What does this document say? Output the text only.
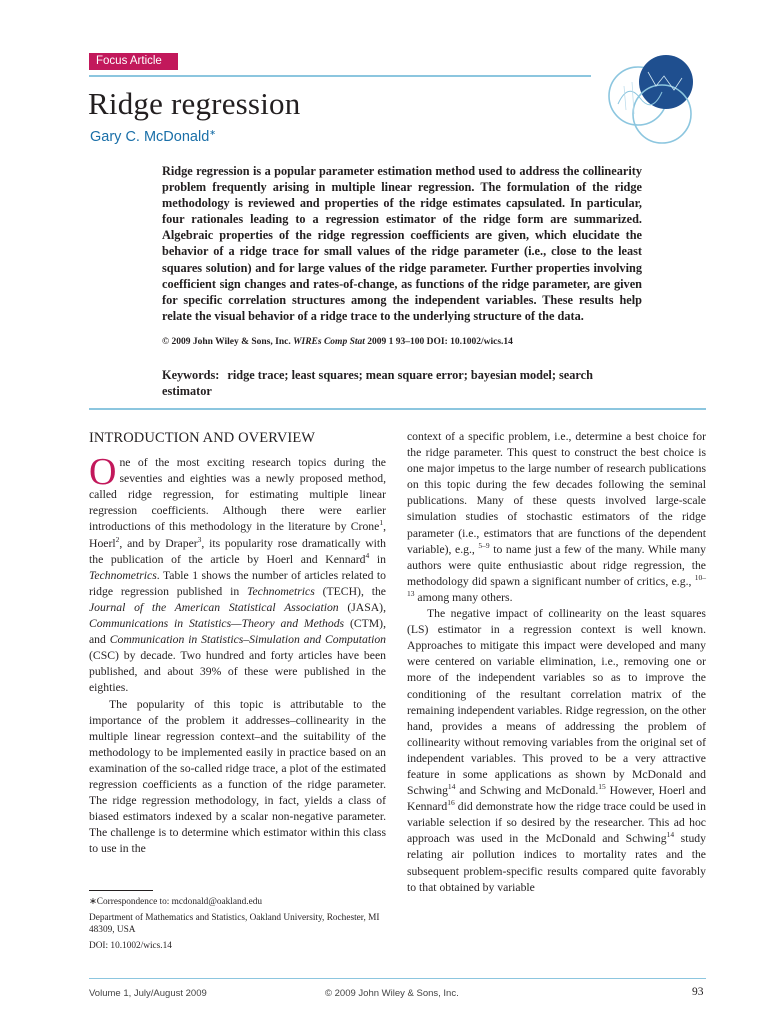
Focus Article
Ridge regression
Gary C. McDonald∗

Ridge regression is a popular parameter estimation method used to address the collinearity problem frequently arising in multiple linear regression. The formulation of the ridge methodology is reviewed and properties of the ridge estimates capsulated. In particular, four rationales leading to a regression estimator of the ridge form are summarized. Algebraic properties of the ridge regression coefficients are given, which elucidate the behavior of a ridge trace for small values of the ridge parameter (i.e., close to the least squares solution) and for large values of the ridge parameter. Further properties involving coefficient sign changes and rates-of-change, as functions of the ridge parameter, are given for specific correlation structures among the independent variables. These results help relate the visual behavior of a ridge trace to the underlying structure of the data.

© 2009 John Wiley & Sons, Inc. WIREs Comp Stat 2009 1 93–100 DOI: 10.1002/wics.14
Keywords: ridge trace; least squares; mean square error; bayesian model; search estimator
INTRODUCTION AND OVERVIEW

One of the most exciting research topics during the seventies and eighties was a newly proposed method, called ridge regression, for estimating multiple linear regression coefficients. Although there were earlier introductions of this methodology in the literature by Crone$^1$, Hoerl$^2$, and by Draper$^3$, its popularity rose dramatically with the publication of the article by Hoerl and Kennard$^4$ in Technometrics. Table 1 shows the number of articles related to ridge regression published in Technometrics (TECH), the Journal of the American Statistical Association (JASA), Communications in Statistics—Theory and Methods (CTM), and Communication in Statistics–Simulation and Computation (CSC) by decade. Two hundred and forty articles have been published, and about 39% of these were published in the eighties.

The popularity of this topic is attributable to the importance of the problem it addresses–collinearity in the multiple linear regression context–and the suitability of the methodology to be implemented easily in practice based on an examination of the so-called ridge trace, a plot of the estimated regression coefficients as a function of the ridge parameter. The ridge regression methodology, in fact, yields a class of biased estimators indexed by a scalar non-negative parameter. The challenge is to determine which estimator within this class to use in the

∗Correspondence to: mcdonald@oakland.edu
Department of Mathematics and Statistics, Oakland University, Rochester, MI 48309, USA
DOI: 10.1002/wics.14

context of a specific problem, i.e., determine a best choice for the ridge parameter. This quest to construct the best choice is one major impetus to the large number of research publications on this topic during the few decades following the seminal publications. Many of these quests involved large-scale simulation studies of stochastic estimators of the ridge parameter (i.e., estimators that are functions of the dependent variable), e.g., $^{5-9}$ to name just a few of the many. While many authors were quite enthusiastic about ridge regression, the methodology did spawn a significant number of critics, e.g., $^{10-13}$ among many others.

The negative impact of collinearity on the least squares (LS) estimator in a regression context is well known. Approaches to mitigate this impact were developed and many were centered on variable elimination, i.e., removing one or more of the independent variables so as to improve the conditioning of the resultant correlation matrix of the remaining independent variables. Ridge regression, on the other hand, provides a means of addressing the problem of collinearity without removing variables from the original set of independent variables. This proved to be a very attractive feature in some applications as shown by McDonald and Schwing$^{14}$ and Schwing and McDonald.$^{15}$ However, Hoerl and Kennard$^{16}$ did demonstrate how the ridge trace could be used in variable selection if so desired by the researcher. This ad hoc approach was used in the McDonald and Schwing$^{14}$ study relating air pollution indices to mortality rates and the subsequent problem-specific results compared quite favorably to that obtained by variable

Volume 1, July/August 2009	© 2009 John Wiley & Sons, Inc.	93
